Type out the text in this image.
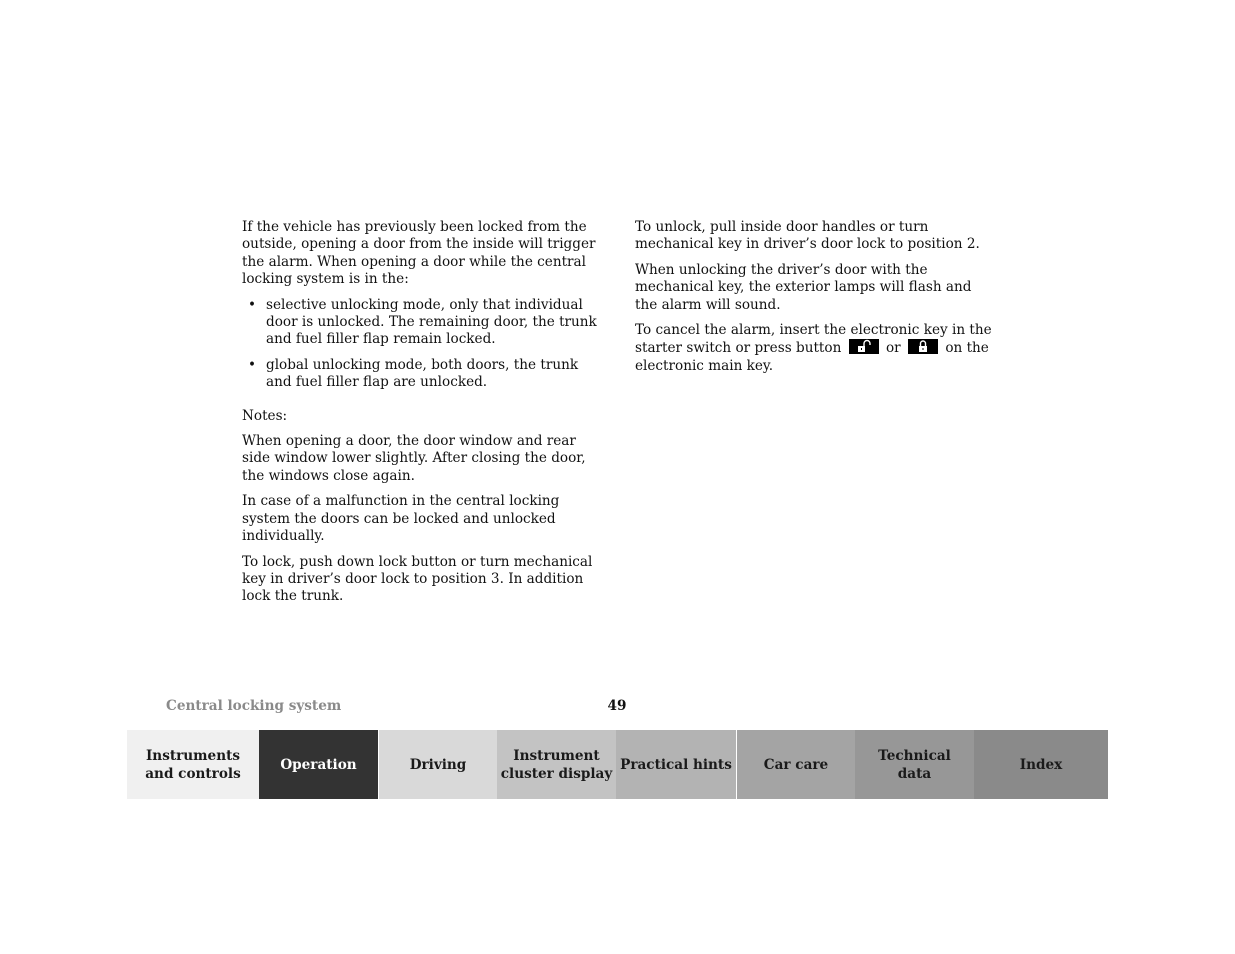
If the vehicle has previously been locked from the outside, opening a door from the inside will trigger the alarm. When opening a door while the central locking system is in the:

• selective unlocking mode, only that individual door is unlocked. The remaining door, the trunk and fuel filler flap remain locked.
• global unlocking mode, both doors, the trunk and fuel filler flap are unlocked.

Notes:

When opening a door, the door window and rear side window lower slightly. After closing the door, the windows close again.

In case of a malfunction in the central locking system the doors can be locked and unlocked individually.

To lock, push down lock button or turn mechanical key in driver’s door lock to position 3. In addition lock the trunk.

To unlock, pull inside door handles or turn mechanical key in driver’s door lock to position 2.

When unlocking the driver’s door with the mechanical key, the exterior lamps will flash and the alarm will sound.

To cancel the alarm, insert the electronic key in the starter switch or press button	or	on the electronic main key.

Central locking system	49
Instruments
and controls
Operation	Driving
Instrument
cluster display
Practical hints Car care
Technical
data
Index
